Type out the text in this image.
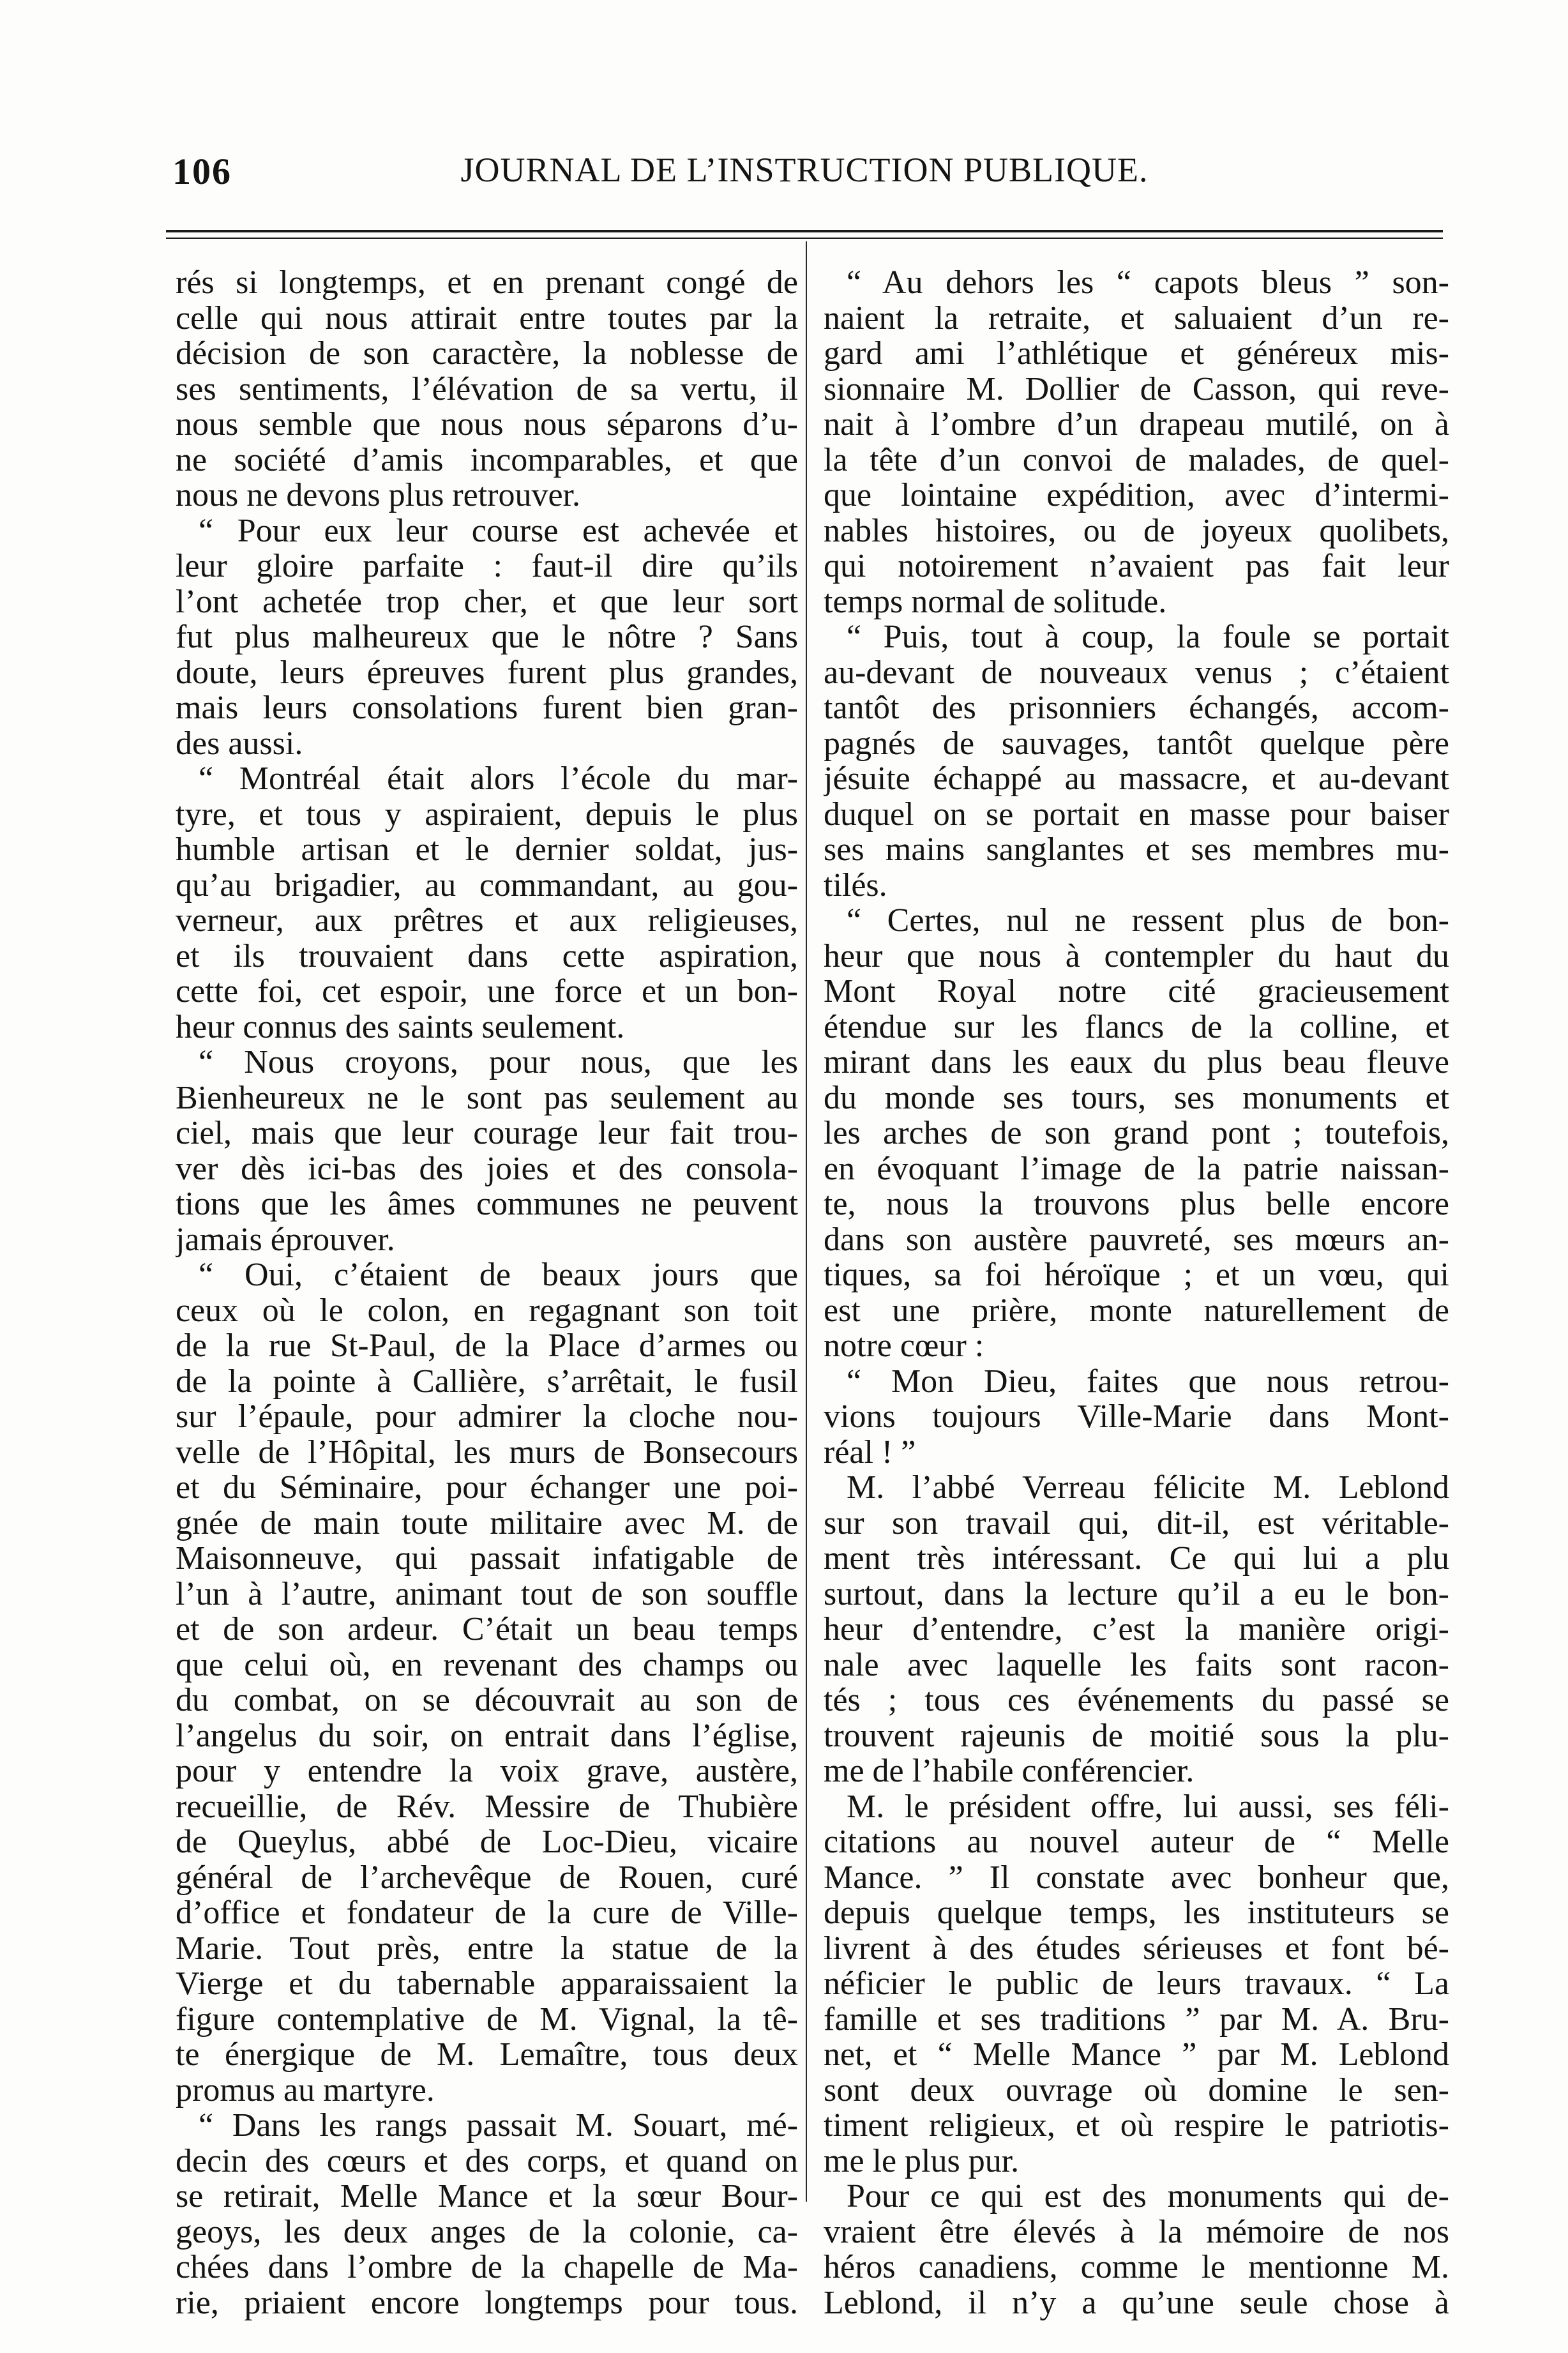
106	JOURNAL DE L’INSTRUCTION PUBLIQUE.
rés si longtemps, et en prenant congé de
celle qui nous attirait entre toutes par la
décision de son caractère, la noblesse de
ses sentiments, l’élévation de sa vertu, il
nous semble que nous nous séparons d’u-
ne société d’amis incomparables, et que
nous ne devons plus retrouver.
“ Pour eux leur course est achevée et
leur gloire parfaite : faut-il dire qu’ils
l’ont achetée trop cher, et que leur sort
fut plus malheureux que le nôtre ? Sans
doute, leurs épreuves furent plus grandes,
mais leurs consolations furent bien gran-
des aussi.
“ Montréal était alors l’école du mar-
tyre, et tous y aspiraient, depuis le plus
humble artisan et le dernier soldat, jus-
qu’au brigadier, au commandant, au gou-
verneur, aux prêtres et aux religieuses,
et ils trouvaient dans cette aspiration,
cette foi, cet espoir, une force et un bon-
heur connus des saints seulement.
“ Nous croyons, pour nous, que les
Bienheureux ne le sont pas seulement au
ciel, mais que leur courage leur fait trou-
ver dès ici-bas des joies et des consola-
tions que les âmes communes ne peuvent
jamais éprouver.
“ Oui, c’étaient de beaux jours que
ceux où le colon, en regagnant son toit
de la rue St-Paul, de la Place d’armes ou
de la pointe à Callière, s’arrêtait, le fusil
sur l’épaule, pour admirer la cloche nou-
velle de l’Hôpital, les murs de Bonsecours
et du Séminaire, pour échanger une poi-
gnée de main toute militaire avec M. de
Maisonneuve, qui passait infatigable de
l’un à l’autre, animant tout de son souffle
et de son ardeur. C’était un beau temps
que celui où, en revenant des champs ou
du combat, on se découvrait au son de
l’angelus du soir, on entrait dans l’église,
pour y entendre la voix grave, austère,
recueillie, de Rév. Messire de Thubière
de Queylus, abbé de Loc-Dieu, vicaire
général de l’archevêque de Rouen, curé
d’office et fondateur de la cure de Ville-
Marie. Tout près, entre la statue de la
Vierge et du tabernable apparaissaient la
figure contemplative de M. Vignal, la tê-
te énergique de M. Lemaître, tous deux
promus au martyre.
“ Dans les rangs passait M. Souart, mé-
decin des cœurs et des corps, et quand on
se retirait, Melle Mance et la sœur Bour-
geoys, les deux anges de la colonie, ca-
chées dans l’ombre de la chapelle de Ma-
rie, priaient encore longtemps pour tous.
“ Au dehors les “ capots bleus ” son-
naient la retraite, et saluaient d’un re-
gard ami l’athlétique et généreux mis-
sionnaire M. Dollier de Casson, qui reve-
nait à l’ombre d’un drapeau mutilé, on à
la tête d’un convoi de malades, de quel-
que lointaine expédition, avec d’intermi-
nables histoires, ou de joyeux quolibets,
qui notoirement n’avaient pas fait leur
temps normal de solitude.
“ Puis, tout à coup, la foule se portait
au-devant de nouveaux venus ; c’étaient
tantôt des prisonniers échangés, accom-
pagnés de sauvages, tantôt quelque père
jésuite échappé au massacre, et au-devant
duquel on se portait en masse pour baiser
ses mains sanglantes et ses membres mu-
tilés.
“ Certes, nul ne ressent plus de bon-
heur que nous à contempler du haut du
Mont Royal notre cité gracieusement
étendue sur les flancs de la colline, et
mirant dans les eaux du plus beau fleuve
du monde ses tours, ses monuments et
les arches de son grand pont ; toutefois,
en évoquant l’image de la patrie naissan-
te, nous la trouvons plus belle encore
dans son austère pauvreté, ses mœurs an-
tiques, sa foi héroïque ; et un vœu, qui
est une prière, monte naturellement de
notre cœur :
“ Mon Dieu, faites que nous retrou-
vions toujours Ville-Marie dans Mont-
réal ! ”
M. l’abbé Verreau félicite M. Leblond
sur son travail qui, dit-il, est véritable-
ment très intéressant. Ce qui lui a plu
surtout, dans la lecture qu’il a eu le bon-
heur d’entendre, c’est la manière origi-
nale avec laquelle les faits sont racon-
tés ; tous ces événements du passé se
trouvent rajeunis de moitié sous la plu-
me de l’habile conférencier.
M. le président offre, lui aussi, ses féli-
citations au nouvel auteur de “ Melle
Mance. ” Il constate avec bonheur que,
depuis quelque temps, les instituteurs se
livrent à des études sérieuses et font bé-
néficier le public de leurs travaux. “ La
famille et ses traditions ” par M. A. Bru-
net, et “ Melle Mance ” par M. Leblond
sont deux ouvrage où domine le sen-
timent religieux, et où respire le patriotis-
me le plus pur.
Pour ce qui est des monuments qui de-
vraient être élevés à la mémoire de nos
héros canadiens, comme le mentionne M.
Leblond, il n’y a qu’une seule chose à
